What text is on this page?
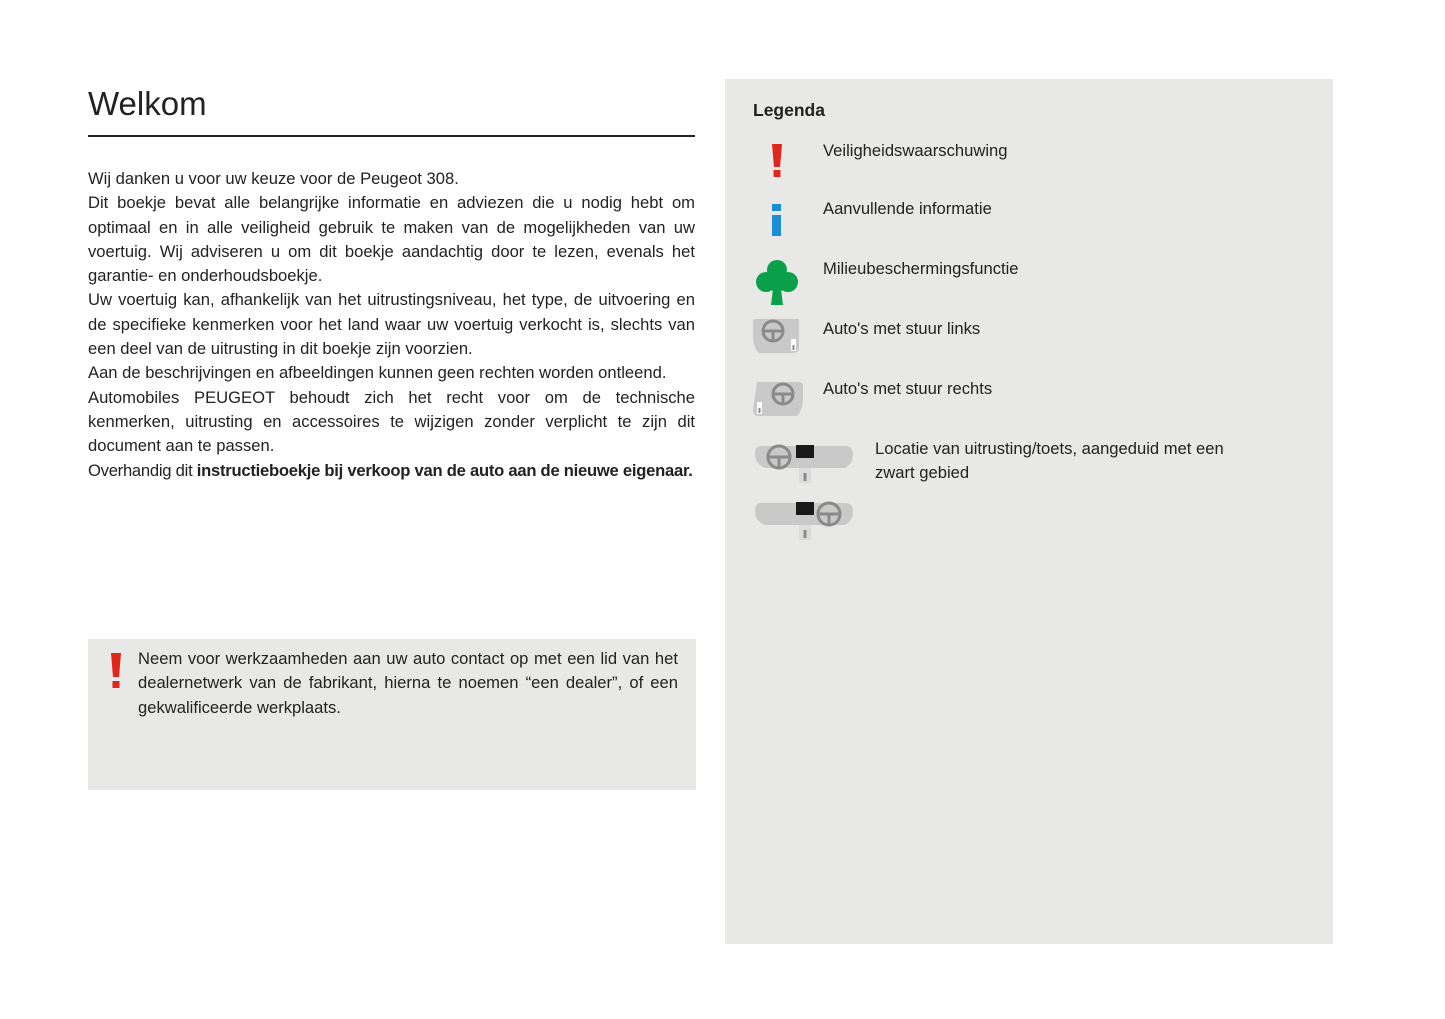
Welkom

Wij danken u voor uw keuze voor de Peugeot 308.

Dit boekje bevat alle belangrijke informatie en adviezen die u nodig hebt om optimaal en in alle veiligheid gebruik te maken van de mogelijkheden van uw voertuig. Wij adviseren u om dit boekje aandachtig door te lezen, evenals het garantie- en onderhoudsboekje.

Uw voertuig kan, afhankelijk van het uitrustingsniveau, het type, de uitvoering en de specifieke kenmerken voor het land waar uw voertuig verkocht is, slechts van een deel van de uitrusting in dit boekje zijn voorzien.

Aan de beschrijvingen en afbeeldingen kunnen geen rechten worden ontleend.

Automobiles PEUGEOT behoudt zich het recht voor om de technische kenmerken, uitrusting en accessoires te wijzigen zonder verplicht te zijn dit document aan te passen.

Overhandig dit instructieboekje bij verkoop van de auto aan de nieuwe eigenaar.

Neem voor werkzaamheden aan uw auto contact op met een lid van het dealernetwerk van de fabrikant, hierna te noemen “een dealer”, of een gekwalificeerde werkplaats.
Legenda
Veiligheidswaarschuwing
Aanvullende informatie
Milieubeschermingsfunctie
Auto's met stuur links
Auto's met stuur rechts
Locatie van uitrusting/toets, aangeduid met een zwart gebied
